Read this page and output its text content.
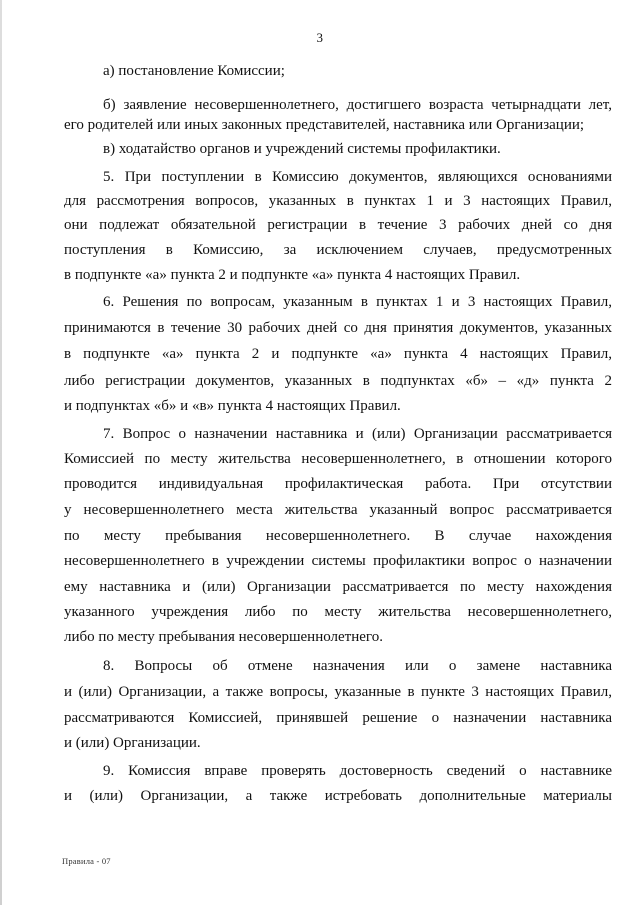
3
а) постановление Комиссии;
б) заявление несовершеннолетнего, достигшего возраста четырнадцати лет,
его родителей или иных законных представителей, наставника или Организации;
в) ходатайство органов и учреждений системы профилактики.
5. При поступлении в Комиссию документов, являющихся основаниями
для рассмотрения вопросов, указанных в пунктах 1 и 3 настоящих Правил,
они подлежат обязательной регистрации в течение 3 рабочих дней со дня
поступления в Комиссию, за исключением случаев, предусмотренных
в подпункте «а» пункта 2 и подпункте «а» пункта 4 настоящих Правил.
6. Решения по вопросам, указанным в пунктах 1 и 3 настоящих Правил,
принимаются в течение 30 рабочих дней со дня принятия документов, указанных
в подпункте «а» пункта 2 и подпункте «а» пункта 4 настоящих Правил,
либо регистрации документов, указанных в подпунктах «б» – «д» пункта 2
и подпунктах «б» и «в» пункта 4 настоящих Правил.
7. Вопрос о назначении наставника и (или) Организации рассматривается
Комиссией по месту жительства несовершеннолетнего, в отношении которого
проводится индивидуальная профилактическая работа. При отсутствии
у несовершеннолетнего места жительства указанный вопрос рассматривается
по месту пребывания несовершеннолетнего. В случае нахождения
несовершеннолетнего в учреждении системы профилактики вопрос о назначении
ему наставника и (или) Организации рассматривается по месту нахождения
указанного учреждения либо по месту жительства несовершеннолетнего,
либо по месту пребывания несовершеннолетнего.
8. Вопросы об отмене назначения или о замене наставника
и (или) Организации, а также вопросы, указанные в пункте 3 настоящих Правил,
рассматриваются Комиссией, принявшей решение о назначении наставника
и (или) Организации.
9. Комиссия вправе проверять достоверность сведений о наставнике
и (или) Организации, а также истребовать дополнительные материалы
Правила - 07
